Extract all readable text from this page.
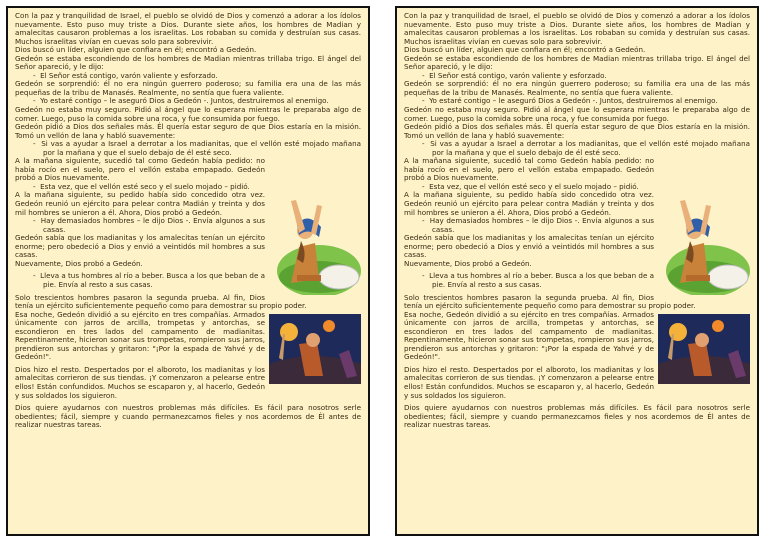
Con la paz y tranquilidad de Israel, el pueblo se olvidó de Dios y comenzó a adorar a los ídolos nuevamente. Esto puso muy triste a Dios. Durante siete años, los hombres de Madian y amalecitas causaron problemas a los israelitas. Los robaban su comida y destruían sus casas. Muchos israelitas vivían en cuevas solo para sobrevivir.

Dios buscó un líder, alguien que confiara en él; encontró a Gedeón.

Gedeón se estaba escondiendo de los hombres de Madian mientras trillaba trigo. El ángel del Señor apareció, y le dijo:

-  El Señor está contigo, varón valiente y esforzado.

Gedeón se sorprendió: él no era ningún guerrero poderoso; su familia era una de las más pequeñas de la tribu de Manasés. Realmente, no sentía que fuera valiente.

-  Yo estaré contigo – le aseguró Dios a Gedeón -. Juntos, destruiremos al enemigo.

Gedeón no estaba muy seguro. Pidió al ángel que lo esperara mientras le preparaba algo de comer. Luego, puso la comida sobre una roca, y fue consumida por fuego.

Gedeón pidió a Dios dos señales más. Él quería estar seguro de que Dios estaría en la misión. Tomó un vellón de lana y habló suavemente:

-  Si vas a ayudar a Israel a derrotar a los madianitas, que el vellón esté mojado mañana por la mañana y que el suelo debajo de él esté seco.

A la mañana siguiente, sucedió tal como Gedeón había pedido: no había rocío en el suelo, pero el vellón estaba empapado. Gedeón probó a Dios nuevamente.

-  Esta vez, que el vellón esté seco y el suelo mojado – pidió.

A la mañana siguiente, su pedido había sido concedido otra vez. Gedeón reunió un ejército para pelear contra Madián y treinta y dos mil hombres se unieron a él. Ahora, Dios probó a Gedeón.

-  Hay demasiados hombres – le dijo Dios -. Envía algunos a sus casas.

Gedeón sabía que los madianitas y los amalecitas tenían un ejército enorme; pero obedeció a Dios y envió a veintidós mil hombres a sus casas.

Nuevamente, Dios probó a Gedeón.

-  Lleva a tus hombres al río a beber. Busca a los que beban de a pie. Envía al resto a sus casas.

Solo trescientos hombres pasaron la segunda prueba. Al fin, Dios tenía un ejército suficientemente pequeño como para demostrar su propio poder.

Esa noche, Gedeón dividió a su ejército en tres compañías. Armados únicamente con jarros de arcilla, trompetas y antorchas, se escondieron en tres lados del campamento de madianitas. Repentinamente, hicieron sonar sus trompetas, rompieron sus jarros, prendieron sus antorchas y gritaron: "¡Por la espada de Yahvé y de Gedeón!".

Dios hizo el resto. Despertados por el alboroto, los madianitas y los amalecitas corrieron de sus tiendas. ¡Y comenzaron a pelearse entre ellos! Están confundidos. Muchos se escaparon y, al hacerlo, Gedeón y sus soldados los siguieron.

Dios quiere ayudarnos con nuestros problemas más difíciles. Es fácil para nosotros serle obedientes; fácil, siempre y cuando permanezcamos fieles y nos acordemos de Él antes de realizar nuestras tareas.

Con la paz y tranquilidad de Israel, el pueblo se olvidó de Dios y comenzó a adorar a los ídolos nuevamente. Esto puso muy triste a Dios. Durante siete años, los hombres de Madian y amalecitas causaron problemas a los israelitas. Los robaban su comida y destruían sus casas. Muchos israelitas vivían en cuevas solo para sobrevivir.

Dios buscó un líder, alguien que confiara en él; encontró a Gedeón.

Gedeón se estaba escondiendo de los hombres de Madian mientras trillaba trigo. El ángel del Señor apareció, y le dijo:

-  El Señor está contigo, varón valiente y esforzado.

Gedeón se sorprendió: él no era ningún guerrero poderoso; su familia era una de las más pequeñas de la tribu de Manasés. Realmente, no sentía que fuera valiente.

-  Yo estaré contigo – le aseguró Dios a Gedeón -. Juntos, destruiremos al enemigo.

Gedeón no estaba muy seguro. Pidió al ángel que lo esperara mientras le preparaba algo de comer. Luego, puso la comida sobre una roca, y fue consumida por fuego.

Gedeón pidió a Dios dos señales más. Él quería estar seguro de que Dios estaría en la misión. Tomó un vellón de lana y habló suavemente:

-  Si vas a ayudar a Israel a derrotar a los madianitas, que el vellón esté mojado mañana por la mañana y que el suelo debajo de él esté seco.

A la mañana siguiente, sucedió tal como Gedeón había pedido: no había rocío en el suelo, pero el vellón estaba empapado. Gedeón probó a Dios nuevamente.

-  Esta vez, que el vellón esté seco y el suelo mojado – pidió.

A la mañana siguiente, su pedido había sido concedido otra vez. Gedeón reunió un ejército para pelear contra Madián y treinta y dos mil hombres se unieron a él. Ahora, Dios probó a Gedeón.

-  Hay demasiados hombres – le dijo Dios -. Envía algunos a sus casas.

Gedeón sabía que los madianitas y los amalecitas tenían un ejército enorme; pero obedeció a Dios y envió a veintidós mil hombres a sus casas.

Nuevamente, Dios probó a Gedeón.

-  Lleva a tus hombres al río a beber. Busca a los que beban de a pie. Envía al resto a sus casas.

Solo trescientos hombres pasaron la segunda prueba. Al fin, Dios tenía un ejército suficientemente pequeño como para demostrar su propio poder.

Esa noche, Gedeón dividió a su ejército en tres compañías. Armados únicamente con jarros de arcilla, trompetas y antorchas, se escondieron en tres lados del campamento de madianitas. Repentinamente, hicieron sonar sus trompetas, rompieron sus jarros, prendieron sus antorchas y gritaron: "¡Por la espada de Yahvé y de Gedeón!".

Dios hizo el resto. Despertados por el alboroto, los madianitas y los amalecitas corrieron de sus tiendas. ¡Y comenzaron a pelearse entre ellos! Están confundidos. Muchos se escaparon y, al hacerlo, Gedeón y sus soldados los siguieron.

Dios quiere ayudarnos con nuestros problemas más difíciles. Es fácil para nosotros serle obedientes; fácil, siempre y cuando permanezcamos fieles y nos acordemos de Él antes de realizar nuestras tareas.
